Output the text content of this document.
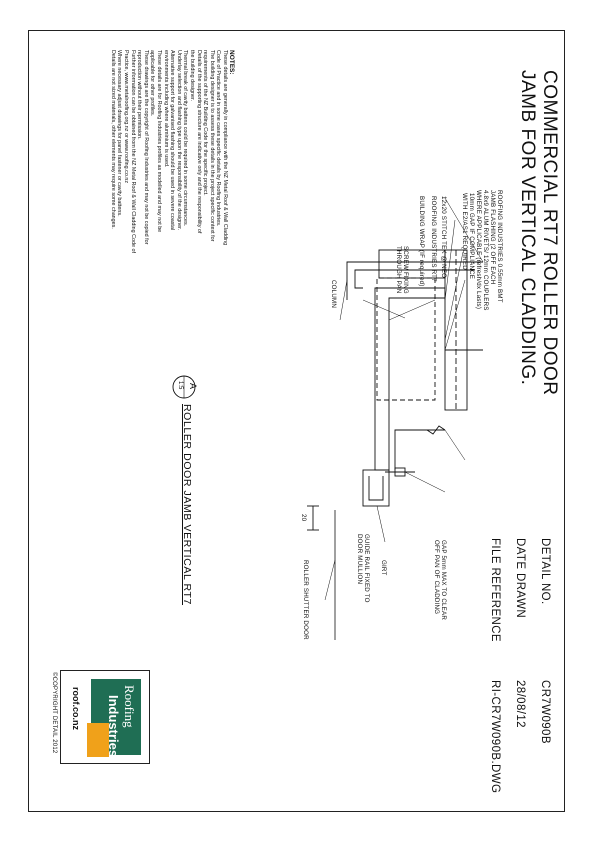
COMMERCIAL RT7 ROLLER DOOR
JAMB FOR VERTICAL CLADDING.
DETAIL NO.
CR7W090B
DATE DRAWN
28/08/12
FILE REFERENCE
RI-CR7W090B.DWG
10mm GAP IF COMPLIANCE
WITH E2/AS1 REQUIRED	ROOFING INDUSTRIES 0.55mm BMT
JAMB FLASHING (2 OFF EACH
4.8x9 ALUM RIVETS/ 12mm COUPLERS
WHERE APPLICABLE (refresh/dx Lasts)
12x20 STITCH TEK @ NEO
ROOFING INDUSTRIES RT7
BUILDING WRAP (IF required)
SCREW FIXING
THROUGH PAN
COLUMN
GAP 5mm MAX TO CLEAR
OFF PAN OF CLADDING
GIRT
GUIDE RAIL FIXED TO
DOOR MULLION
ROLLER SHUTTER DOOR
20
NOTES:
These details are generally in compliance with the NZ Metal Roof & Wall Cladding
Code of Practice and in some cases specific details by Roofing Industries.
The building designer is to assess these details in the project specific context for
requirements of the NZ Building Code for the specific project.
Details of the supporting structure are indicative only and the responsibility of
the building designer.
Thermal break of cavity battens could be required in some circumstances.
Underlay selection and flashing type upon the responsibility of the designer.
Alternative support for galvanised flashing should be used in severe coastal
environments including where aluminium is used.
These details are for Roofing Industries profiles as modelled and may not be
applicable for other profiles.
These drawings are the copyright of Roofing Industries and may not be copied for
reproduction without their permission.
Further information can be obtained from the NZ Metal Roof & Wall Cladding Code of
Practice, www.metalroofing.org.nz or www.roofing.co.nz
Where necessary adjust drawings for panel fastener or cavity battens.
Details are not sized materials, other elements may require some changes.
A
1:5
ROLLER DOOR JAMB VERTICAL RT7
©COPYRIGHT DETAIL 2012	Roofing
Industries
roof.co.nz
